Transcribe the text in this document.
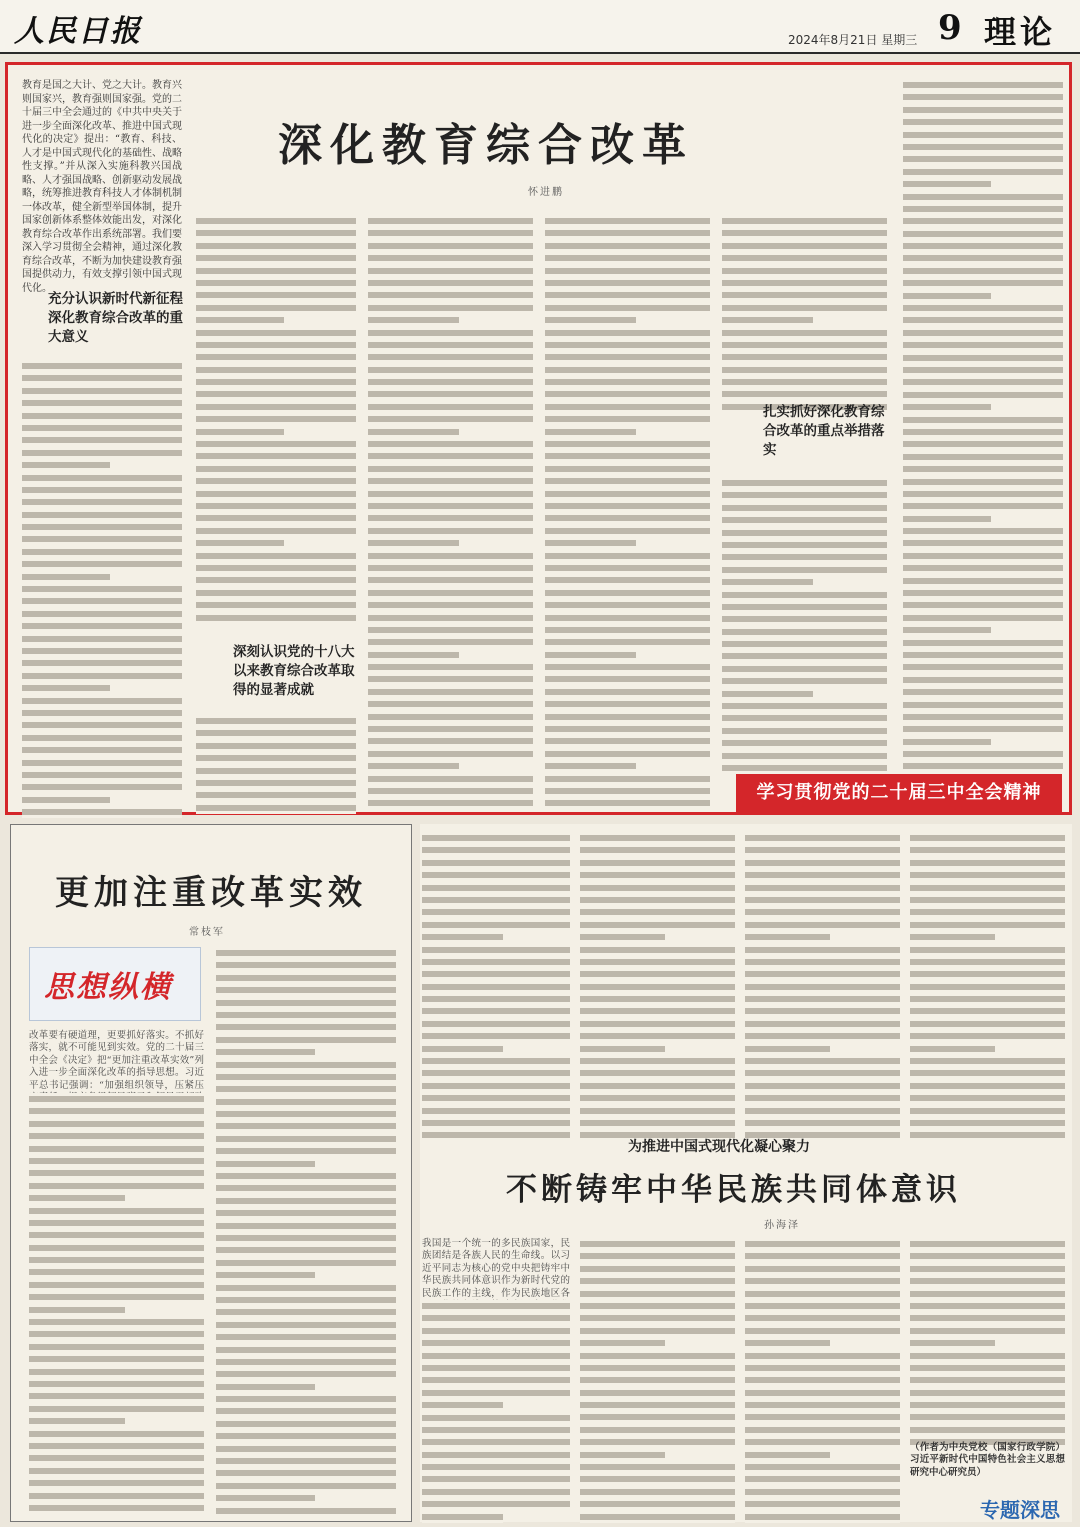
人民日报	2024年8月21日 星期三 9 理论
教育是国之大计、党之大计。教育兴则国家兴，教育强则国家强。党的二十届三中全会通过的《中共中央关于进一步全面深化改革、推进中国式现代化的决定》提出：“教育、科技、人才是中国式现代化的基础性、战略性支撑。”并从深入实施科教兴国战略、人才强国战略、创新驱动发展战略，统筹推进教育科技人才体制机制一体改革，健全新型举国体制，提升国家创新体系整体效能出发，对深化教育综合改革作出系统部署。我们要深入学习贯彻全会精神，通过深化教育综合改革，不断为加快建设教育强国提供动力，有效支撑引领中国式现代化。
充分认识新时代新征程深化教育综合改革的重大意义
深化教育综合改革
怀进鹏
深刻认识党的十八大以来教育综合改革取得的显著成就
扎实抓好深化教育综合改革的重点举措落实
学习贯彻党的二十届三中全会精神
更加注重改革实效
常枝军
思想纵横
改革要有硬道理，更要抓好落实。不抓好落实，就不可能见到实效。党的二十届三中全会《决定》把“更加注重改革实效”列入进一步全面深化改革的指导思想。习近平总书记强调：“加强组织领导，压紧压
为推进中国式现代化凝心聚力
不断铸牢中华民族共同体意识
孙海泽
我国是一个统一的多民族国家，民族团结是各族人民的生命线。以习近平同志为核心的党中央把铸牢中华民族共同体意识作为新时代党的民族工作的主线，作为民族地区各
（作者为中央党校（国家行政学院）习近平新时代中国特色社会主义思想研究中心研究员）
专题深思
